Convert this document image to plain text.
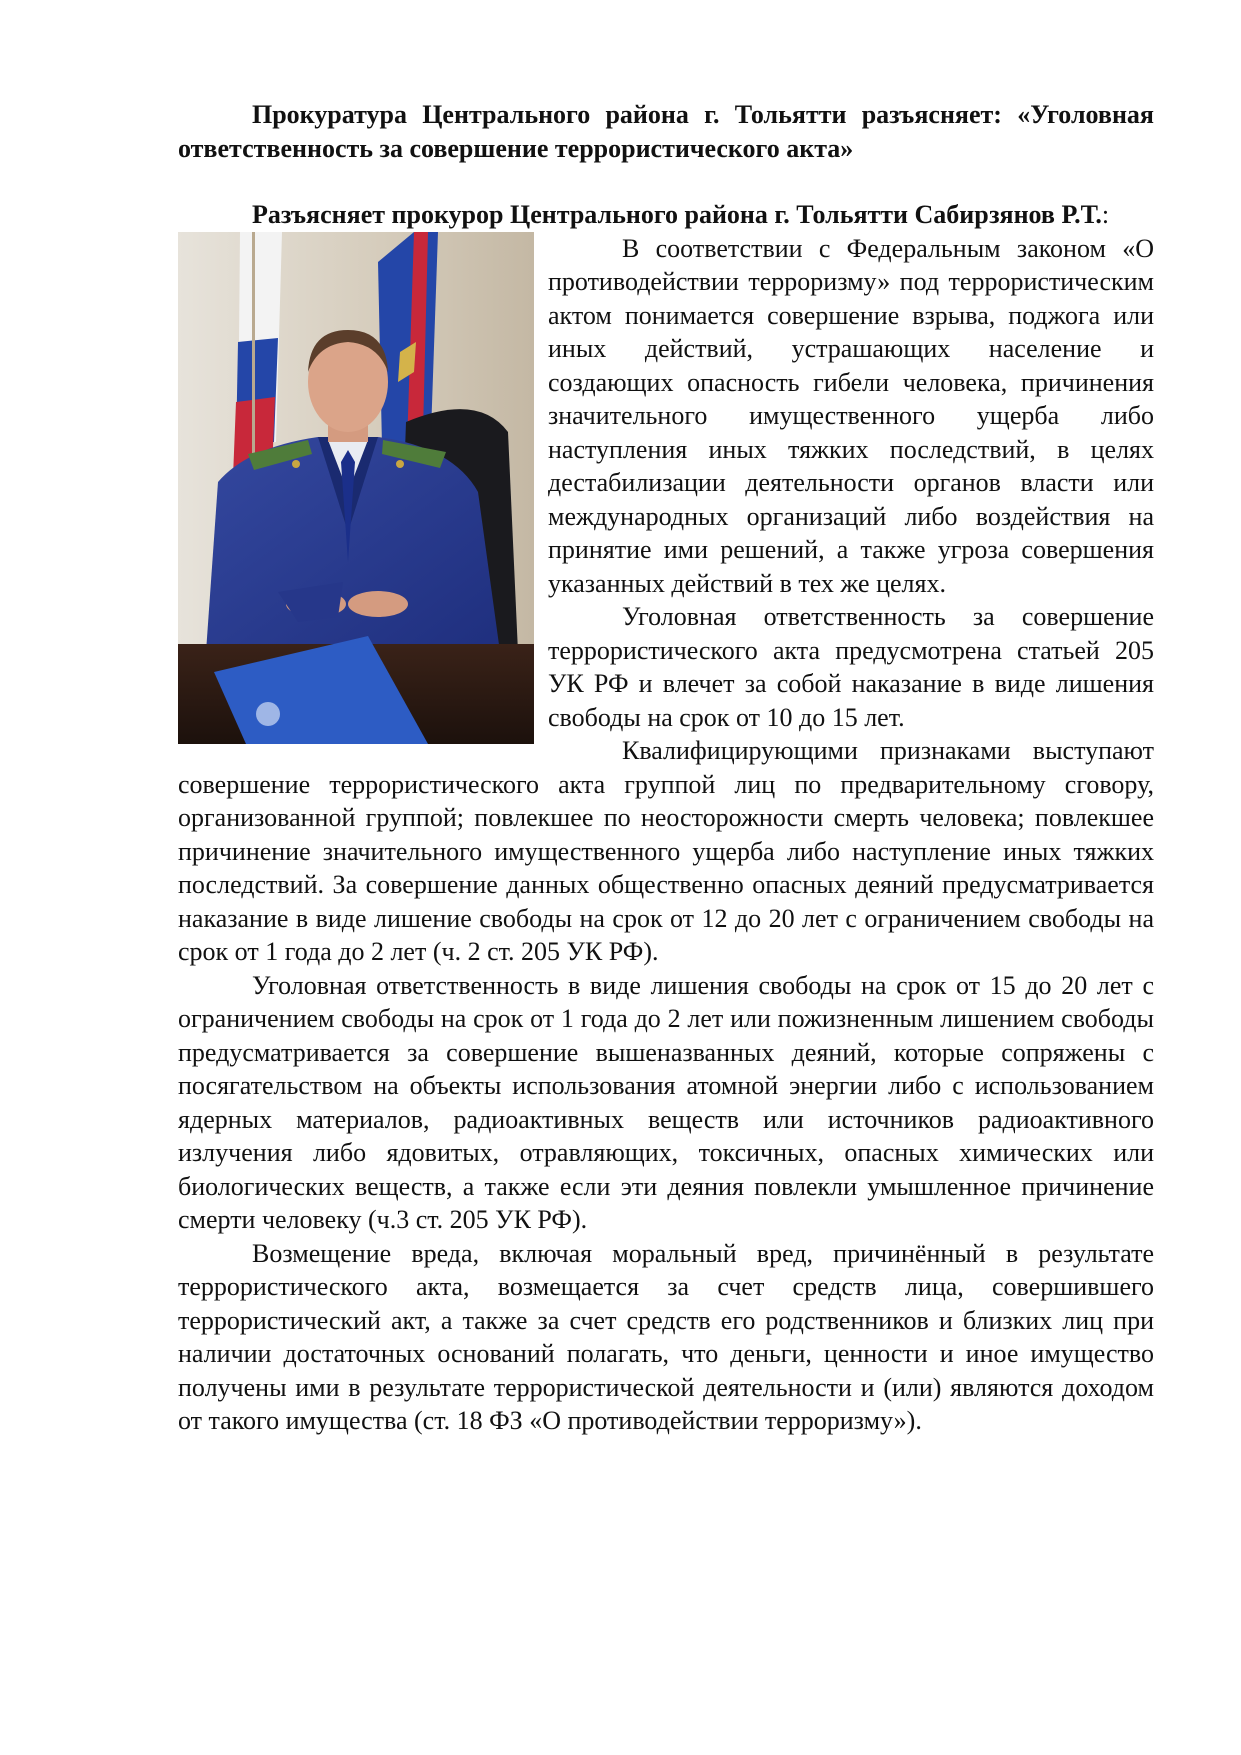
Прокуратура Центрального района г. Тольятти разъясняет: «Уголовная ответственность за совершение террористического акта»

Разъясняет прокурор Центрального района г. Тольятти Сабирзянов Р.Т.:

В соответствии с Федеральным законом «О противодействии терроризму» под террористическим актом понимается совершение взрыва, поджога или иных действий, устрашающих население и создающих опасность гибели человека, причинения значительного имущественного ущерба либо наступления иных тяжких последствий, в целях дестабилизации деятельности органов власти или международных организаций либо воздействия на принятие ими решений, а также угроза совершения указанных действий в тех же целях.

Уголовная ответственность за совершение террористического акта предусмотрена статьей 205 УК РФ и влечет за собой наказание в виде лишения свободы на срок от 10 до 15 лет.

Квалифицирующими признаками выступают совершение террористического акта группой лиц по предварительному сговору, организованной группой; повлекшее по неосторожности смерть человека; повлекшее причинение значительного имущественного ущерба либо наступление иных тяжких последствий. За совершение данных общественно опасных деяний предусматривается наказание в виде лишение свободы на срок от 12 до 20 лет с ограничением свободы на срок от 1 года до 2 лет (ч. 2 ст. 205 УК РФ).

Уголовная ответственность в виде лишения свободы на срок от 15 до 20 лет с ограничением свободы на срок от 1 года до 2 лет или пожизненным лишением свободы предусматривается за совершение вышеназванных деяний, которые сопряжены с посягательством на объекты использования атомной энергии либо с использованием ядерных материалов, радиоактивных веществ или источников радиоактивного излучения либо ядовитых, отравляющих, токсичных, опасных химических или биологических веществ, а также если эти деяния повлекли умышленное причинение смерти человеку (ч.3 ст. 205 УК РФ).

Возмещение вреда, включая моральный вред, причинённый в результате террористического акта, возмещается за счет средств лица, совершившего террористический акт, а также за счет средств его родственников и близких лиц при наличии достаточных оснований полагать, что деньги, ценности и иное имущество получены ими в результате террористической деятельности и (или) являются доходом от такого имущества (ст. 18 ФЗ «О противодействии терроризму»).
